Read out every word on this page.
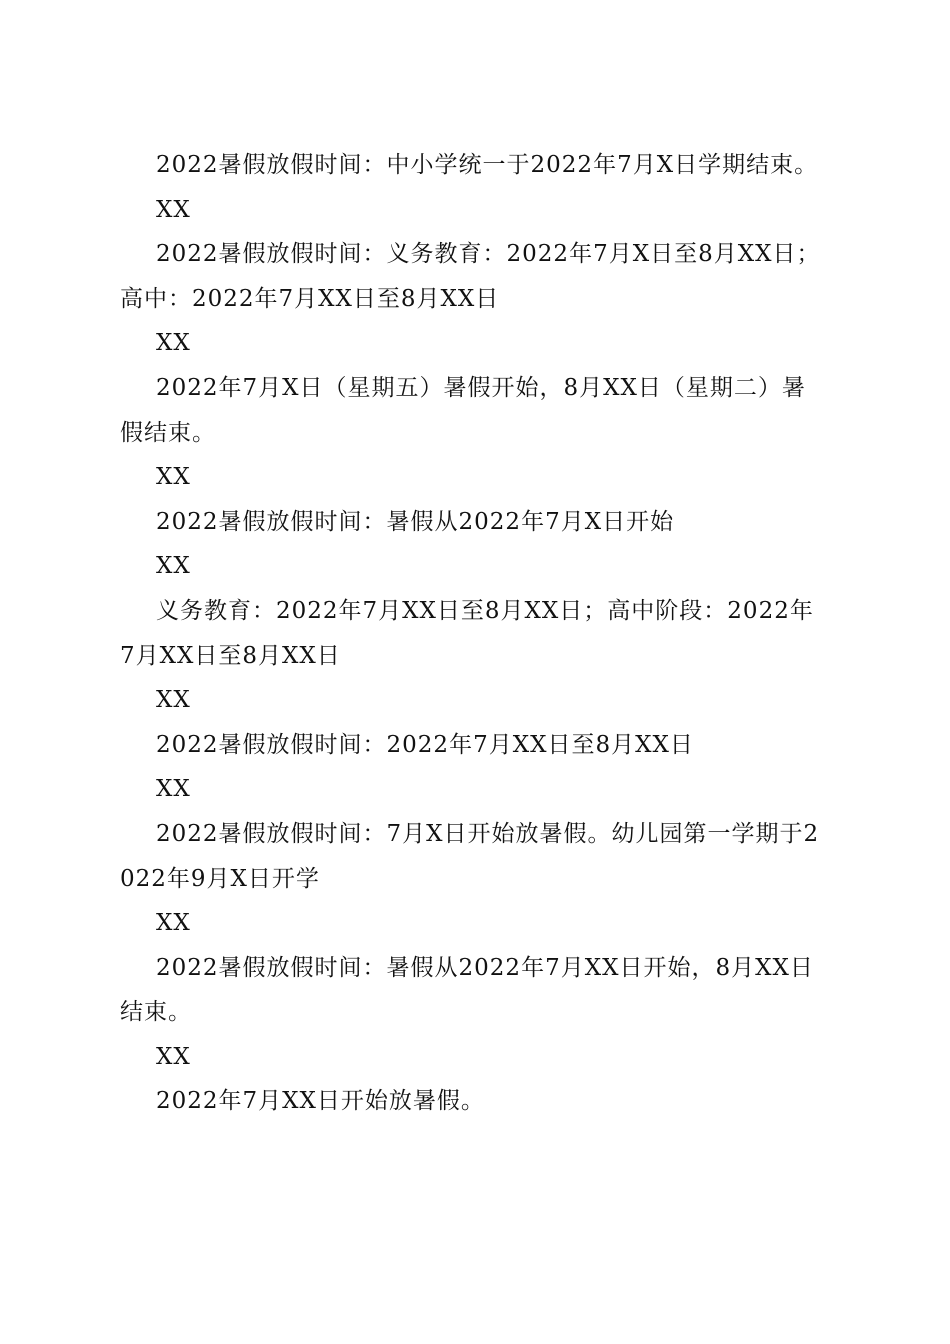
2022暑假放假时间：中小学统一于2022年7月X日学期结束。

XX

2022暑假放假时间：义务教育：2022年7月X日至8月XX日；高中：2022年7月XX日至8月XX日

XX

2022年7月X日（星期五）暑假开始，8月XX日（星期二）暑假结束。

XX

2022暑假放假时间：暑假从2022年7月X日开始

XX

义务教育：2022年7月XX日至8月XX日；高中阶段：2022年7月XX日至8月XX日

XX

2022暑假放假时间：2022年7月XX日至8月XX日

XX

2022暑假放假时间：7月X日开始放暑假。幼儿园第一学期于2022年9月X日开学

XX

2022暑假放假时间：暑假从2022年7月XX日开始，8月XX日结束。

XX

2022年7月XX日开始放暑假。
